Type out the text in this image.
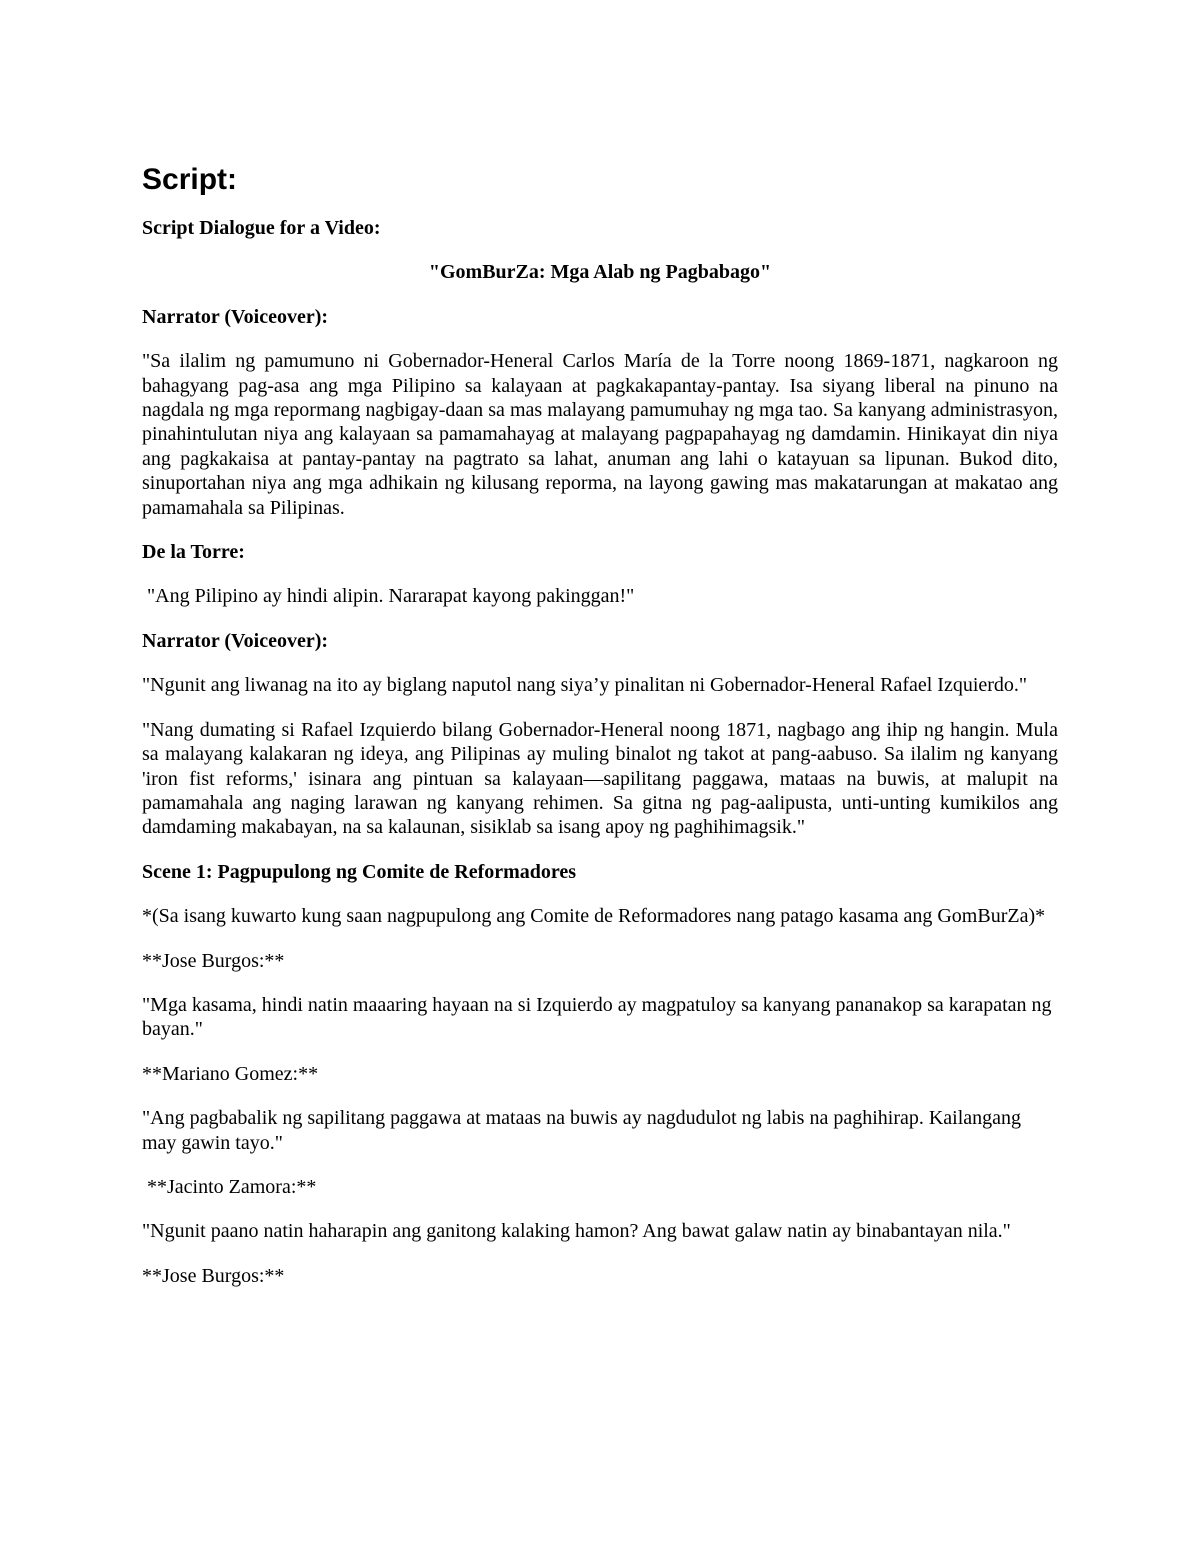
Script:
Script Dialogue for a Video:
"GomBurZa: Mga Alab ng Pagbabago"
Narrator (Voiceover):
"Sa ilalim ng pamumuno ni Gobernador-Heneral Carlos María de la Torre noong 1869-1871, nagkaroon ng bahagyang pag-asa ang mga Pilipino sa kalayaan at pagkakapantay-pantay. Isa siyang liberal na pinuno na nagdala ng mga repormang nagbigay-daan sa mas malayang pamumuhay ng mga tao. Sa kanyang administrasyon, pinahintulutan niya ang kalayaan sa pamamahayag at malayang pagpapahayag ng damdamin. Hinikayat din niya ang pagkakaisa at pantay-pantay na pagtrato sa lahat, anuman ang lahi o katayuan sa lipunan. Bukod dito, sinuportahan niya ang mga adhikain ng kilusang reporma, na layong gawing mas makatarungan at makatao ang pamamahala sa Pilipinas.
De la Torre:
"Ang Pilipino ay hindi alipin. Nararapat kayong pakinggan!"
Narrator (Voiceover):
"Ngunit ang liwanag na ito ay biglang naputol nang siya’y pinalitan ni Gobernador-Heneral Rafael Izquierdo."
"Nang dumating si Rafael Izquierdo bilang Gobernador-Heneral noong 1871, nagbago ang ihip ng hangin. Mula sa malayang kalakaran ng ideya, ang Pilipinas ay muling binalot ng takot at pang-aabuso. Sa ilalim ng kanyang 'iron fist reforms,' isinara ang pintuan sa kalayaan—sapilitang paggawa, mataas na buwis, at malupit na pamamahala ang naging larawan ng kanyang rehimen. Sa gitna ng pag-aalipusta, unti-unting kumikilos ang damdaming makabayan, na sa kalaunan, sisiklab sa isang apoy ng paghihimagsik."
Scene 1: Pagpupulong ng Comite de Reformadores
*(Sa isang kuwarto kung saan nagpupulong ang Comite de Reformadores nang patago kasama ang GomBurZa)*
**Jose Burgos:**
"Mga kasama, hindi natin maaaring hayaan na si Izquierdo ay magpatuloy sa kanyang pananakop sa karapatan ng bayan."
**Mariano Gomez:**
"Ang pagbabalik ng sapilitang paggawa at mataas na buwis ay nagdudulot ng labis na paghihirap. Kailangang may gawin tayo."
**Jacinto Zamora:**
"Ngunit paano natin haharapin ang ganitong kalaking hamon? Ang bawat galaw natin ay binabantayan nila."
**Jose Burgos:**
